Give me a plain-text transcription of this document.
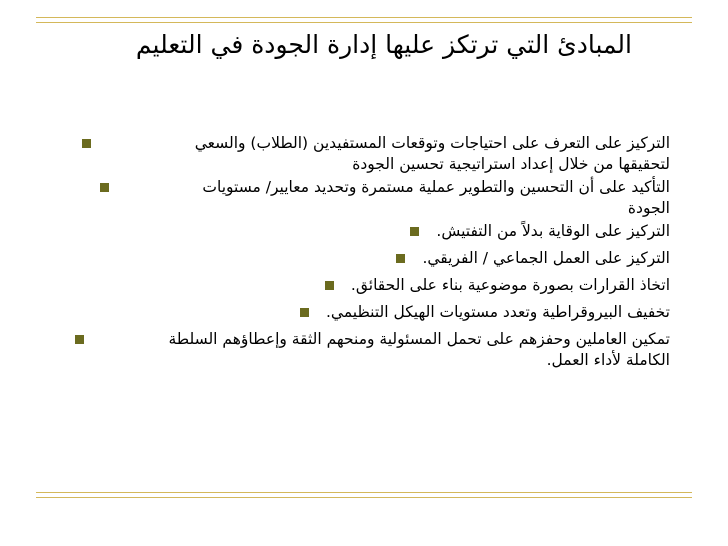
المبادئ التي ترتكز عليها إدارة الجودة في التعليم
التركيز على التعرف على احتياجات وتوقعات المستفيدين (الطلاب) والسعي
لتحقيقها من خلال إعداد استراتيجية تحسين الجودة
التأكيد على أن التحسين والتطوير عملية مستمرة وتحديد معايير/ مستويات
الجودة
التركيز على الوقاية بدلاً من التفتيش.
التركيز على العمل الجماعي / الفريقي.
اتخاذ القرارات بصورة موضوعية بناء على الحقائق.
تخفيف البيروقراطية وتعدد مستويات الهيكل التنظيمي.
تمكين العاملين وحفزهم على تحمل المسئولية ومنحهم الثقة وإعطاؤهم السلطة
الكاملة لأداء العمل.
